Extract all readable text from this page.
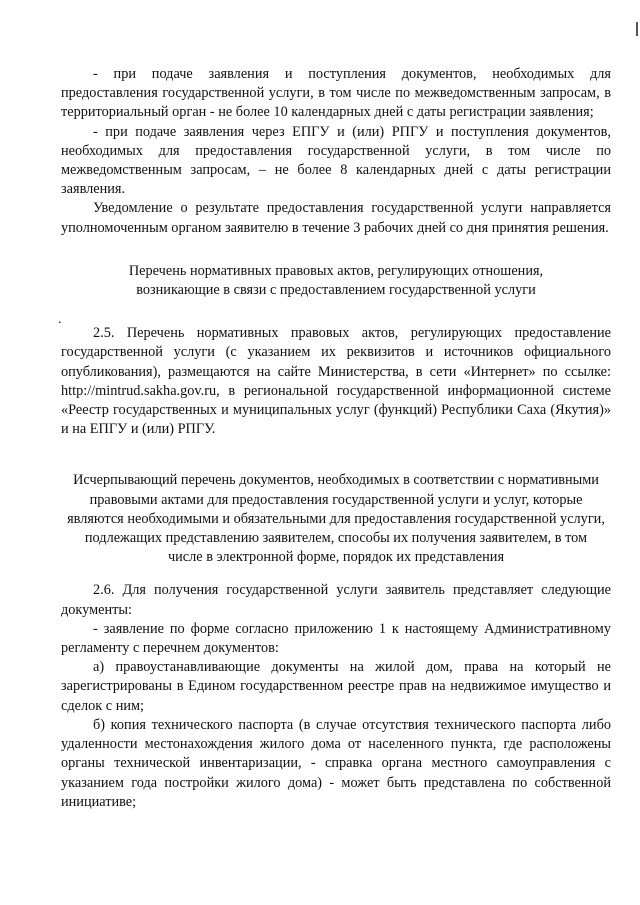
.

- при подаче заявления и поступления документов, необходимых для предоставления государственной услуги, в том числе по межведомственным запросам, в территориальный орган - не более 10 календарных дней с даты регистрации заявления;

- при подаче заявления через ЕПГУ и (или) РПГУ и поступления документов, необходимых для предоставления государственной услуги, в том числе по межведомственным запросам, – не более 8 календарных дней с даты регистрации заявления.

Уведомление о результате предоставления государственной услуги направляется уполномоченным органом заявителю в течение 3 рабочих дней со дня принятия решения.

Перечень нормативных правовых актов, регулирующих отношения, возникающие в связи с предоставлением государственной услуги

2.5. Перечень нормативных правовых актов, регулирующих предоставление государственной услуги (с указанием их реквизитов и источников официального опубликования), размещаются на сайте Министерства, в сети «Интернет» по ссылке: http://mintrud.sakha.gov.ru, в региональной государственной информационной системе «Реестр государственных и муниципальных услуг (функций) Республики Саха (Якутия)» и на ЕПГУ и (или) РПГУ.

Исчерпывающий перечень документов, необходимых в соответствии с нормативными правовыми актами для предоставления государственной услуги и услуг, которые являются необходимыми и обязательными для предоставления государственной услуги, подлежащих представлению заявителем, способы их получения заявителем, в том числе в электронной форме, порядок их представления

2.6. Для получения государственной услуги заявитель представляет следующие документы:

- заявление по форме согласно приложению 1 к настоящему Административному регламенту с перечнем документов:

а) правоустанавливающие документы на жилой дом, права на который не зарегистрированы в Едином государственном реестре прав на недвижимое имущество и сделок с ним;

б) копия технического паспорта (в случае отсутствия технического паспорта либо удаленности местонахождения жилого дома от населенного пункта, где расположены органы технической инвентаризации, - справка органа местного самоуправления с указанием года постройки жилого дома) - может быть представлена по собственной инициативе;
